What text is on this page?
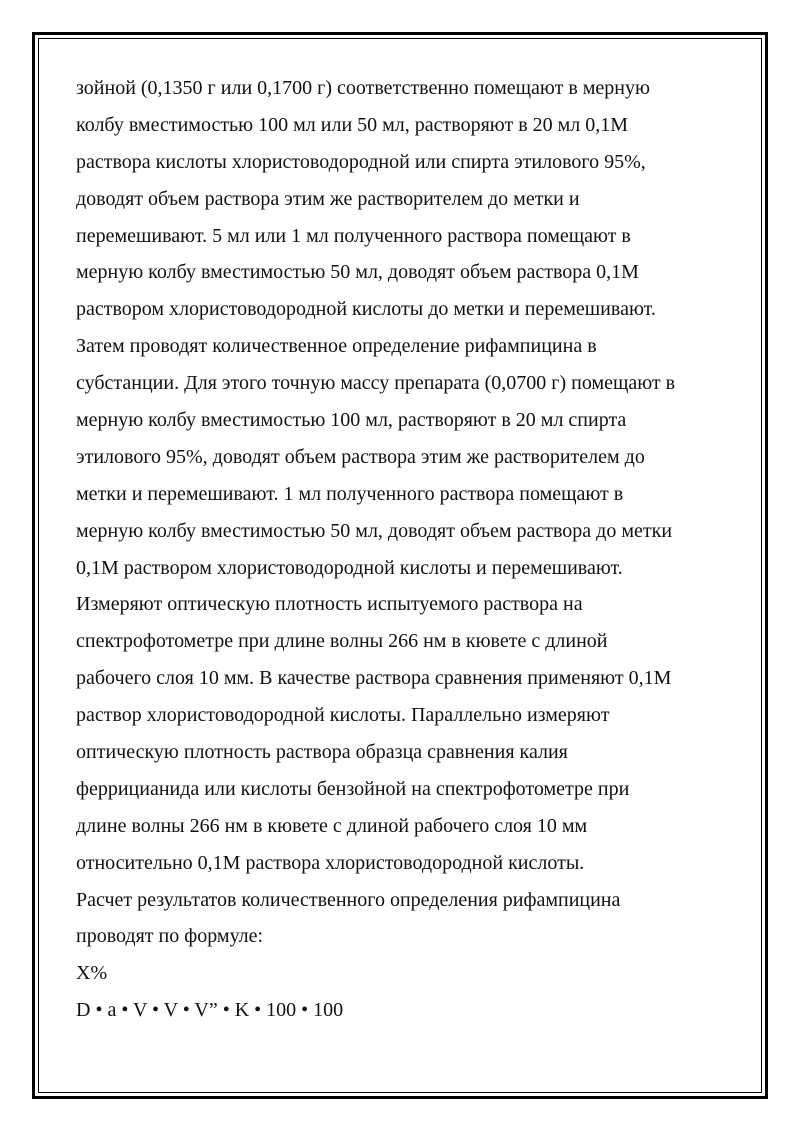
зойной (0,1350 г или 0,1700 г) соответственно помещают в мерную
колбу вместимостью 100 мл или 50 мл, растворяют в 20 мл 0,1М
раствора кислоты хлористоводородной или спирта этилового 95%,
доводят объем раствора этим же растворителем до метки и
перемешивают. 5 мл или 1 мл полученного раствора помещают в
мерную колбу вместимостью 50 мл, доводят объем раствора 0,1М
раствором хлористоводородной кислоты до метки и перемешивают.
Затем проводят количественное определение рифампицина в
субстанции. Для этого точную массу препарата (0,0700 г) помещают в
мерную колбу вместимостью 100 мл, растворяют в 20 мл спирта
этилового 95%, доводят объем раствора этим же растворителем до
метки и перемешивают. 1 мл полученного раствора помещают в
мерную колбу вместимостью 50 мл, доводят объем раствора до метки
0,1М раствором хлористоводородной кислоты и перемешивают.
Измеряют оптическую плотность испытуемого раствора на
спектрофотометре при длине волны 266 нм в кювете с длиной
рабочего слоя 10 мм. В качестве раствора сравнения применяют 0,1М
раствор хлористоводородной кислоты. Параллельно измеряют
оптическую плотность раствора образца сравнения калия
феррицианида или кислоты бензойной на спектрофотометре при
длине волны 266 нм в кювете с длиной рабочего слоя 10 мм
относительно 0,1М раствора хлористоводородной кислоты.
Расчет результатов количественного определения рифампицина
проводят по формуле:
Х%
D • a • V • V • V” • K • 100 • 100
